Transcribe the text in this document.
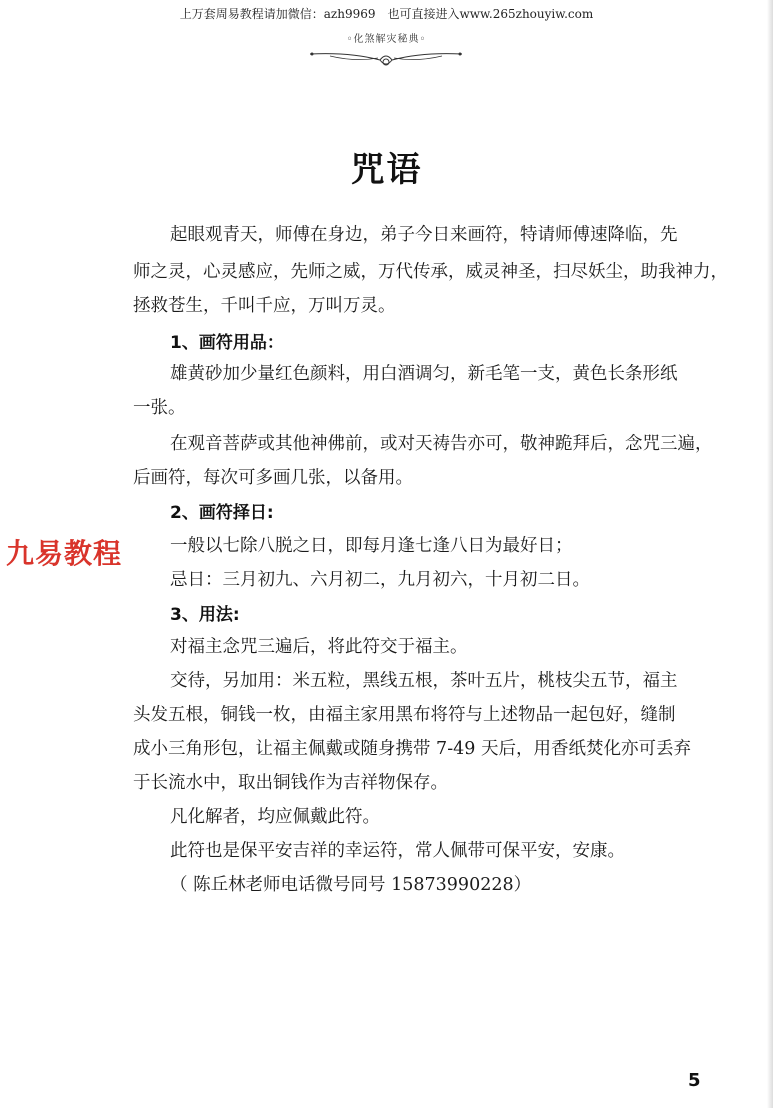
上万套周易教程请加微信：azh9969　也可直接进入www.265zhouyiw.com
◦化煞解灾秘典◦
咒语
起眼观青天，师傅在身边，弟子今日来画符，特请师傅速降临，先
师之灵，心灵感应，先师之威，万代传承，威灵神圣，扫尽妖尘，助我神力，
拯救苍生，千叫千应，万叫万灵。
1、画符用品：
雄黄砂加少量红色颜料，用白酒调匀，新毛笔一支，黄色长条形纸
一张。
在观音菩萨或其他神佛前，或对天祷告亦可，敬神跪拜后，念咒三遍，
后画符，每次可多画几张，以备用。
2、画符择日:
一般以七除八脱之日，即每月逢七逢八日为最好日；
忌日：三月初九、六月初二，九月初六，十月初二日。
3、用法:
对福主念咒三遍后，将此符交于福主。
交待，另加用：米五粒，黑线五根，茶叶五片，桃枝尖五节，福主
头发五根，铜钱一枚，由福主家用黑布将符与上述物品一起包好，缝制
成小三角形包，让福主佩戴或随身携带 7-49 天后，用香纸焚化亦可丢弃
于长流水中，取出铜钱作为吉祥物保存。
凡化解者，均应佩戴此符。
此符也是保平安吉祥的幸运符，常人佩带可保平安，安康。
（ 陈丘林老师电话微号同号 15873990228）
九易教程
5
